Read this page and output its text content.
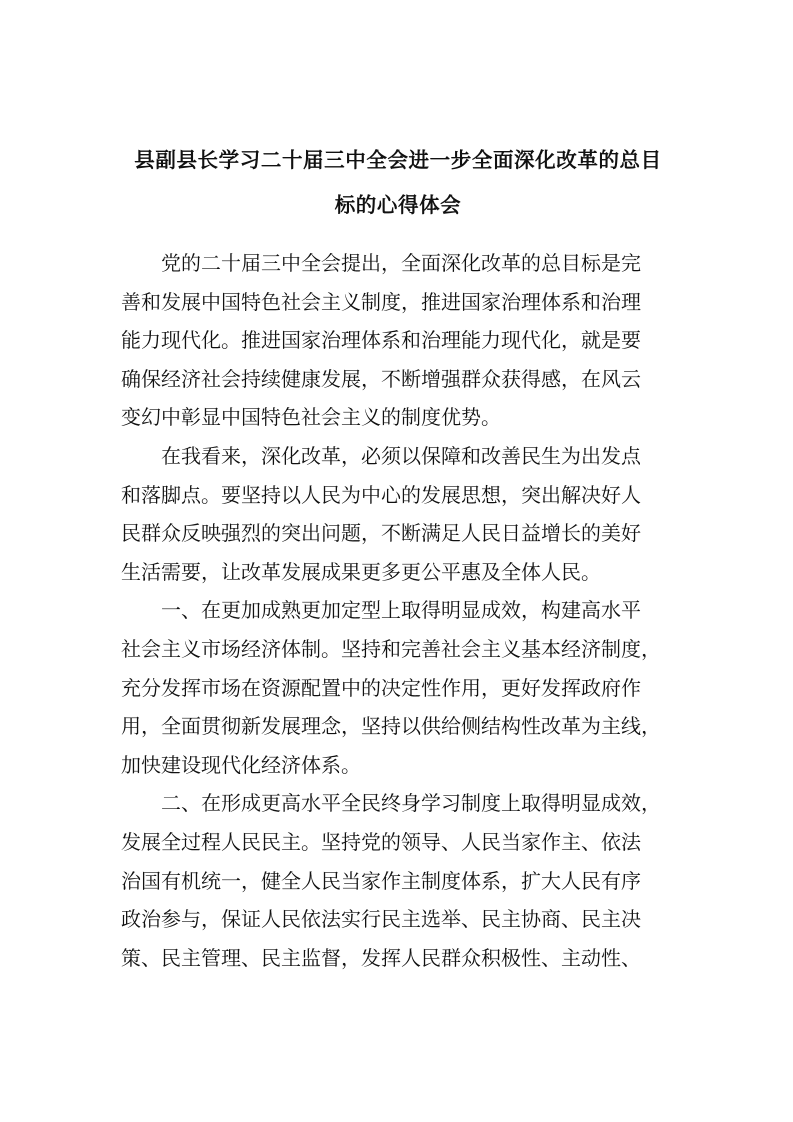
县副县长学习二十届三中全会进一步全面深化改革的总目
标的心得体会

　　党的二十届三中全会提出，全面深化改革的总目标是完
善和发展中国特色社会主义制度，推进国家治理体系和治理
能力现代化。推进国家治理体系和治理能力现代化，就是要
确保经济社会持续健康发展，不断增强群众获得感，在风云
变幻中彰显中国特色社会主义的制度优势。

　　在我看来，深化改革，必须以保障和改善民生为出发点
和落脚点。要坚持以人民为中心的发展思想，突出解决好人
民群众反映强烈的突出问题，不断满足人民日益增长的美好
生活需要，让改革发展成果更多更公平惠及全体人民。

　　一、在更加成熟更加定型上取得明显成效，构建高水平
社会主义市场经济体制。坚持和完善社会主义基本经济制度，
充分发挥市场在资源配置中的决定性作用，更好发挥政府作
用，全面贯彻新发展理念，坚持以供给侧结构性改革为主线，
加快建设现代化经济体系。

　　二、在形成更高水平全民终身学习制度上取得明显成效，
发展全过程人民民主。坚持党的领导、人民当家作主、依法
治国有机统一，健全人民当家作主制度体系，扩大人民有序
政治参与，保证人民依法实行民主选举、民主协商、民主决
策、民主管理、民主监督，发挥人民群众积极性、主动性、
